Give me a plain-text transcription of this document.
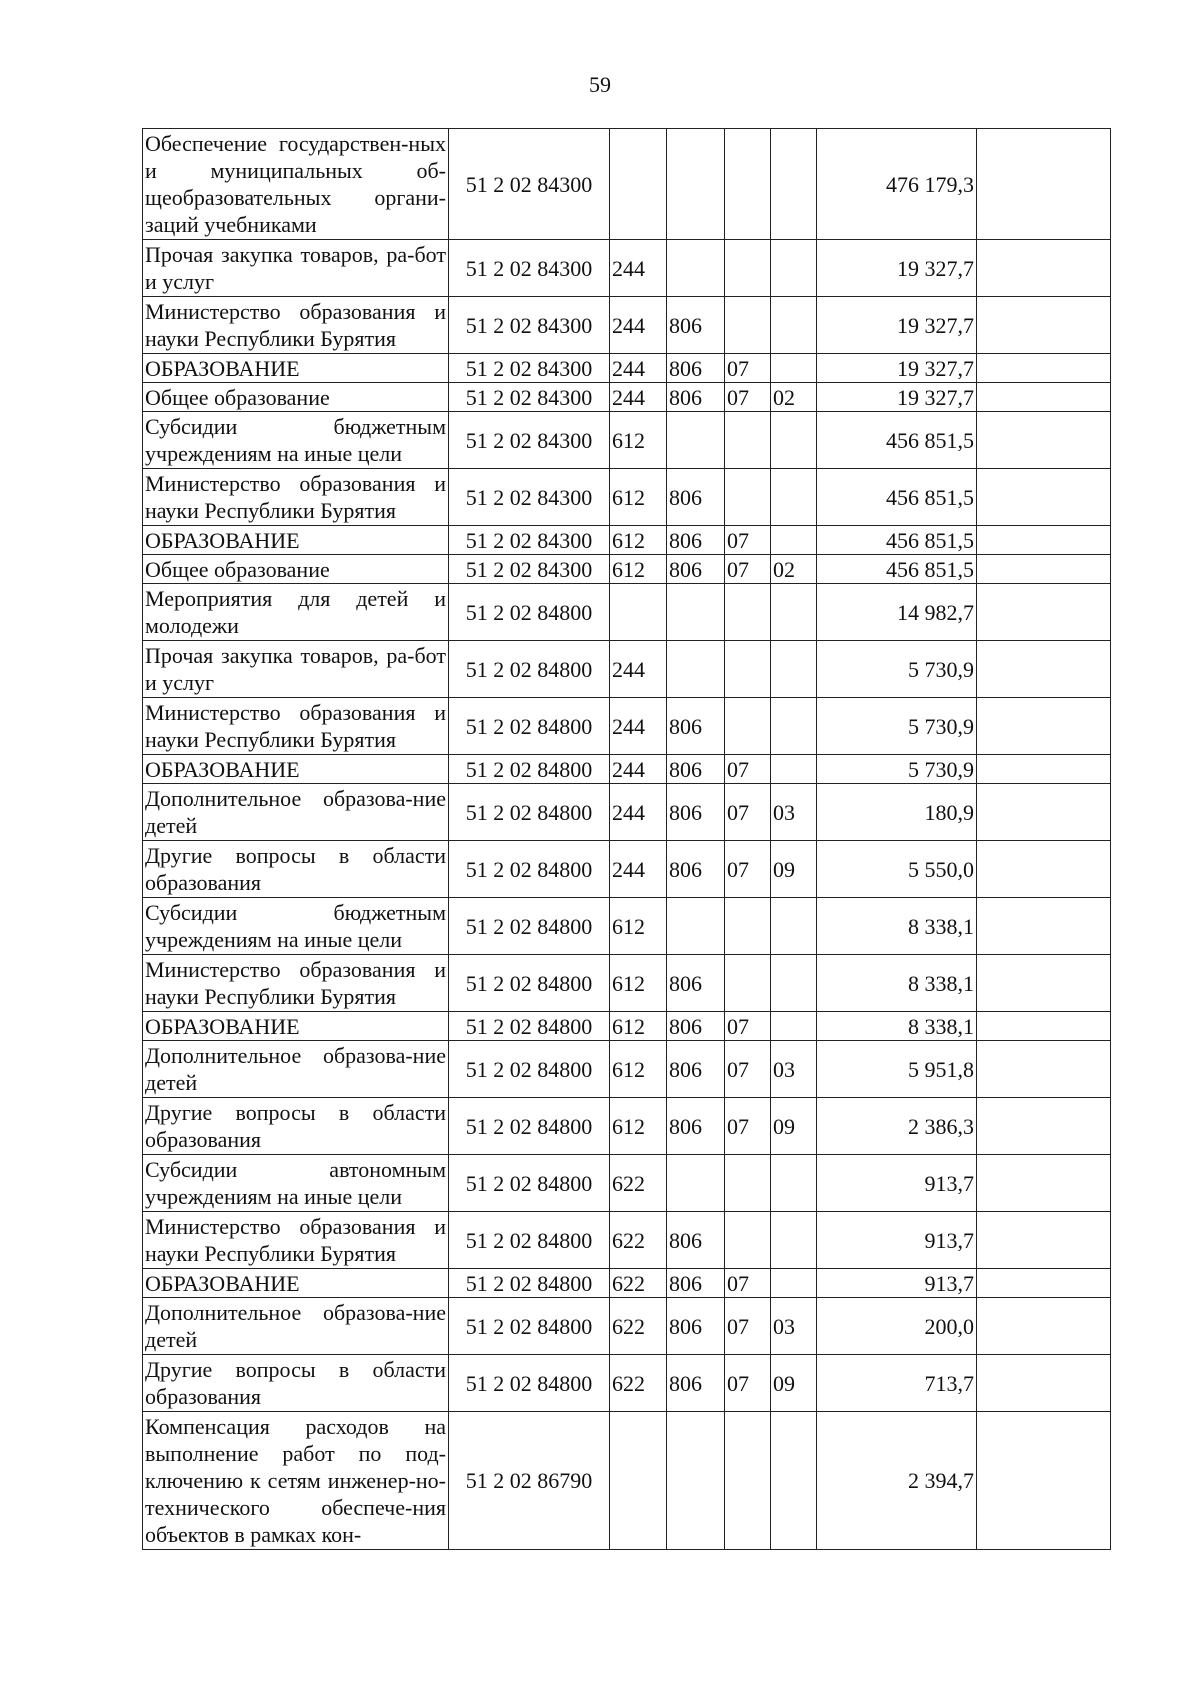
59
Обеспечение государствен-ных и муниципальных об-щеобразовательных органи-заций учебниками	51 2 02 84300					476 179,3	
Прочая закупка товаров, ра-бот и услуг	51 2 02 84300	244				19 327,7	
Министерство образования и науки Республики Бурятия	51 2 02 84300	244	806			19 327,7	
ОБРАЗОВАНИЕ	51 2 02 84300	244	806	07		19 327,7	
Общее образование	51 2 02 84300	244	806	07	02	19 327,7	
Субсидии бюджетным учреждениям на иные цели	51 2 02 84300	612				456 851,5	
Министерство образования и науки Республики Бурятия	51 2 02 84300	612	806			456 851,5	
ОБРАЗОВАНИЕ	51 2 02 84300	612	806	07		456 851,5	
Общее образование	51 2 02 84300	612	806	07	02	456 851,5	
Мероприятия для детей и молодежи	51 2 02 84800					14 982,7	
Прочая закупка товаров, ра-бот и услуг	51 2 02 84800	244				5 730,9	
Министерство образования и науки Республики Бурятия	51 2 02 84800	244	806			5 730,9	
ОБРАЗОВАНИЕ	51 2 02 84800	244	806	07		5 730,9	
Дополнительное образова-ние детей	51 2 02 84800	244	806	07	03	180,9	
Другие вопросы в области образования	51 2 02 84800	244	806	07	09	5 550,0	
Субсидии бюджетным учреждениям на иные цели	51 2 02 84800	612				8 338,1	
Министерство образования и науки Республики Бурятия	51 2 02 84800	612	806			8 338,1	
ОБРАЗОВАНИЕ	51 2 02 84800	612	806	07		8 338,1	
Дополнительное образова-ние детей	51 2 02 84800	612	806	07	03	5 951,8	
Другие вопросы в области образования	51 2 02 84800	612	806	07	09	2 386,3	
Субсидии автономным учреждениям на иные цели	51 2 02 84800	622				913,7	
Министерство образования и науки Республики Бурятия	51 2 02 84800	622	806			913,7	
ОБРАЗОВАНИЕ	51 2 02 84800	622	806	07		913,7	
Дополнительное образова-ние детей	51 2 02 84800	622	806	07	03	200,0	
Другие вопросы в области образования	51 2 02 84800	622	806	07	09	713,7	
Компенсация расходов на выполнение работ по под-ключению к сетям инженер-но-технического обеспече-ния объектов в рамках кон-	51 2 02 86790					2 394,7	
